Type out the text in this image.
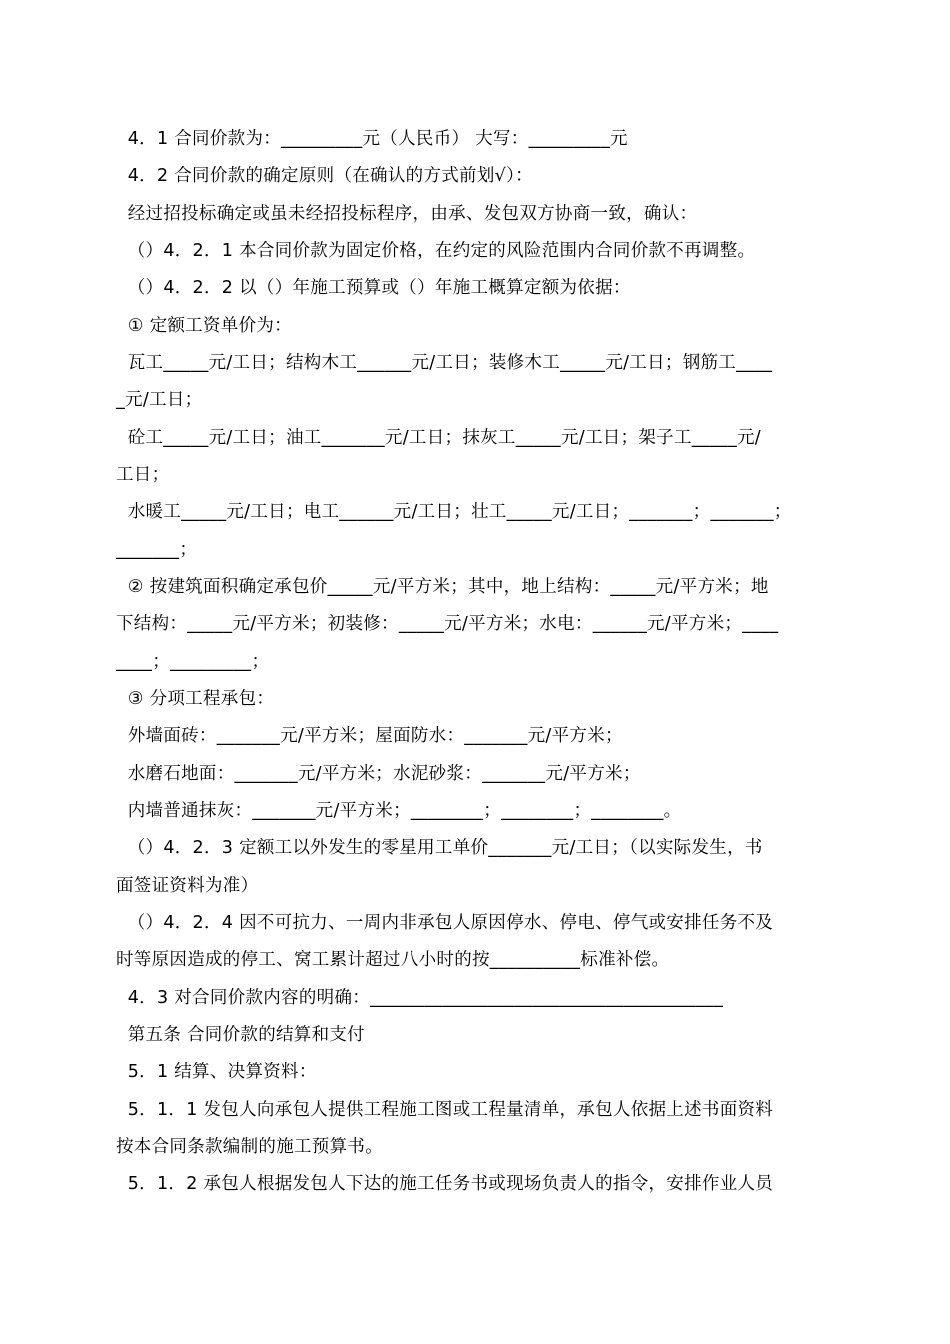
4．1 合同价款为：_________元（人民币） 大写：_________元
4．2 合同价款的确定原则（在确认的方式前划√）：
经过招投标确定或虽未经招投标程序，由承、发包双方协商一致，确认：
（）4．2．1 本合同价款为固定价格，在约定的风险范围内合同价款不再调整。
（）4．2．2 以（）年施工预算或（）年施工概算定额为依据：
① 定额工资单价为：
瓦工_____元/工日；结构木工______元/工日；装修木工_____元/工日；钢筋工____
_元/工日；
砼工_____元/工日；油工_______元/工日；抹灰工_____元/工日；架子工_____元/
工日；
水暖工_____元/工日；电工______元/工日；壮工_____元/工日；_______；_______；
_______；
② 按建筑面积确定承包价_____元/平方米；其中，地上结构：_____元/平方米；地
下结构：_____元/平方米；初装修：_____元/平方米；水电：______元/平方米；____
____；_________；
③ 分项工程承包：
外墙面砖：_______元/平方米；屋面防水：_______元/平方米；
水磨石地面：_______元/平方米；水泥砂浆：_______元/平方米；
内墙普通抹灰：_______元/平方米；________；________；________。
（）4．2．3 定额工以外发生的零星用工单价_______元/工日；（以实际发生，书
面签证资料为准）
（）4．2．4 因不可抗力、一周内非承包人原因停水、停电、停气或安排任务不及
时等原因造成的停工、窝工累计超过八小时的按__________标准补偿。
4．3 对合同价款内容的明确：_______________________________________
第五条 合同价款的结算和支付
5．1 结算、决算资料：
5．1．1 发包人向承包人提供工程施工图或工程量清单，承包人依据上述书面资料
按本合同条款编制的施工预算书。
5．1．2 承包人根据发包人下达的施工任务书或现场负责人的指令，安排作业人员
